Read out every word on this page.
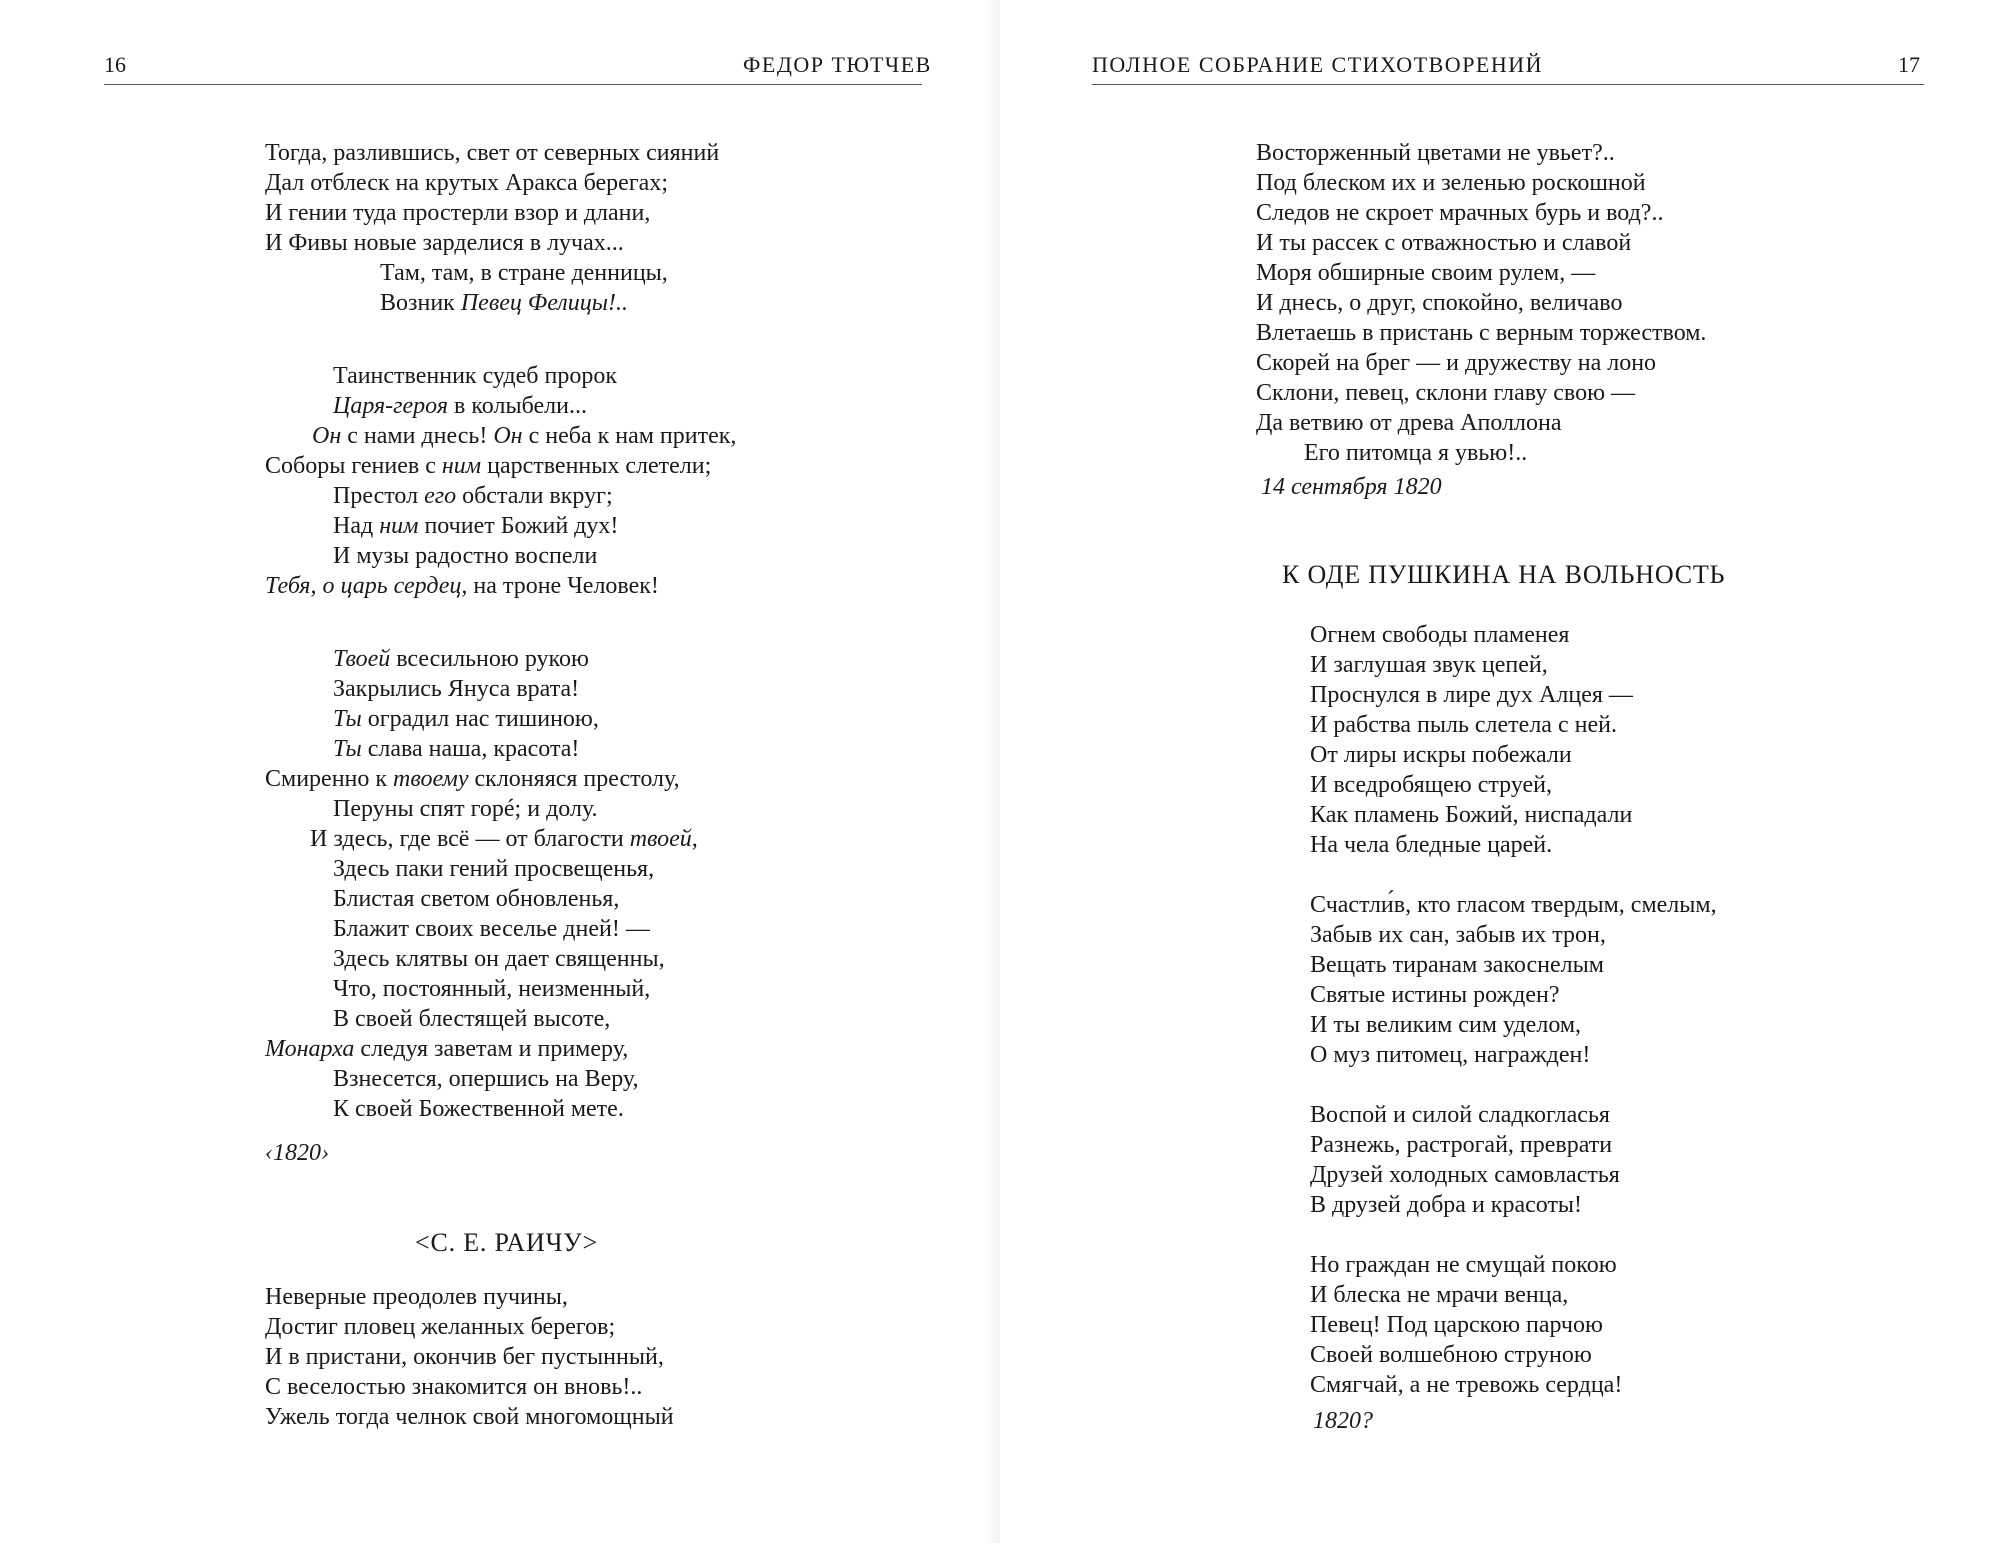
16	ФЕДОР ТЮТЧЕВ
Тогда, разлившись, свет от северных сияний
Дал отблеск на крутых Аракса берегах;
И гении туда простерли взор и длани,
И Фивы новые зарделися в лучах...
Там, там, в стране денницы,
Возник Певец Фелицы!..
Таинственник судеб пророк
Царя-героя в колыбели...
Он с нами днесь! Он с неба к нам притек,
Соборы гениев с ним царственных слетели;
Престол его обстали вкруг;
Над ним почиет Божий дух!
И музы радостно воспели
Тебя, о царь сердец, на троне Человек!
Твоей всесильною рукою
Закрылись Януса врата!
Ты оградил нас тишиною,
Ты слава наша, красота!
Смиренно к твоему склоняяся престолу,
Перуны спят горé; и долу.
И здесь, где всё — от благости твоей,
Здесь паки гений просвещенья,
Блистая светом обновленья,
Блажит своих веселье дней! —
Здесь клятвы он дает священны,
Что, постоянный, неизменный,
В своей блестящей высоте,
Монарха следуя заветам и примеру,
Взнесется, опершись на Веру,
К своей Божественной мете.
‹1820›
<С. Е. РАИЧУ>
Неверные преодолев пучины,
Достиг пловец желанных берегов;
И в пристани, окончив бег пустынный,
С веселостью знакомится он вновь!..
Ужель тогда челнок свой многомощный
ПОЛНОЕ СОБРАНИЕ СТИХОТВОРЕНИЙ	17
Восторженный цветами не увьет?..
Под блеском их и зеленью роскошной
Следов не скроет мрачных бурь и вод?..
И ты рассек с отважностью и славой
Моря обширные своим рулем, —
И днесь, о друг, спокойно, величаво
Влетаешь в пристань с верным торжеством.
Скорей на брег — и дружеству на лоно
Склони, певец, склони главу свою —
Да ветвию от древа Аполлона
Его питомца я увью!..
14 сентября 1820
К ОДЕ ПУШКИНА НА ВОЛЬНОСТЬ
Огнем свободы пламенея
И заглушая звук цепей,
Проснулся в лире дух Алцея —
И рабства пыль слетела с ней.
От лиры искры побежали
И вседробящею струей,
Как пламень Божий, ниспадали
На чела бледные царей.
Счастли́в, кто гласом твердым, смелым,
Забыв их сан, забыв их трон,
Вещать тиранам закоснелым
Святые истины рожден?
И ты великим сим уделом,
О муз питомец, награжден!
Воспой и силой сладкогласья
Разнежь, растрогай, преврати
Друзей холодных самовластья
В друзей добра и красоты!
Но граждан не смущай покою
И блеска не мрачи венца,
Певец! Под царскою парчою
Своей волшебною струною
Смягчай, а не тревожь сердца!
1820?
